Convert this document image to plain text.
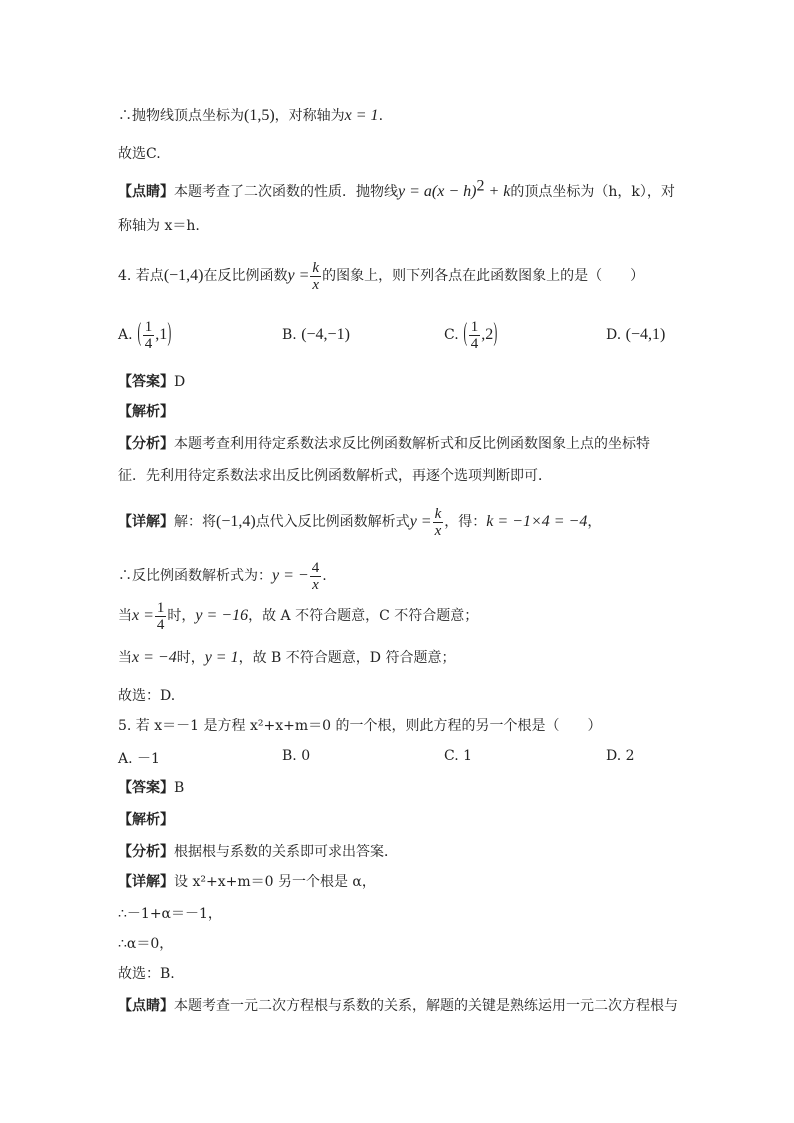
∴抛物线顶点坐标为(1,5)，对称轴为x = 1.
故选C.
【点睛】本题考查了二次函数的性质．抛物线$y = a(x - h)^2 + k$的顶点坐标为（h，k），对
称轴为 x＝h.
4. 若点(−1,4)在反比例函数$y = \frac{k}{x}$ 的图象上，则下列各点在此函数图象上的是（　　）
A. ( $\frac{1}{4} ,1$)	B. (−4,−1)	C. ( $\frac{1}{4} ,2$)	D. (−4,1)
【答案】D
【解析】
【分析】本题考查利用待定系数法求反比例函数解析式和反比例函数图象上点的坐标特
征．先利用待定系数法求出反比例函数解析式，再逐个选项判断即可．
【详解】解：将(−1,4)点代入反比例函数解析式$y = \frac{k}{x}$ ，得：k = −1×4 = −4，
∴反比例函数解析式为：y = − $\frac{4}{x}$ .
当$x = \frac{1}{4}$ 时，y = −16，故 A 不符合题意，C 不符合题意；
当x = −4时，y = 1，故 B 不符合题意，D 符合题意；
故选：D.
5. 若 x＝－1 是方程 x²+x+m＝0 的一个根，则此方程的另一个根是（　　）
A. －1	B. 0	C. 1	D. 2
【答案】B
【解析】
【分析】根据根与系数的关系即可求出答案．
【详解】设 x²+x+m＝0 另一个根是 α，
∴－1+α＝－1，
∴α＝0，
故选：B.
【点睛】本题考查一元二次方程根与系数的关系，解题的关键是熟练运用一元二次方程根与
